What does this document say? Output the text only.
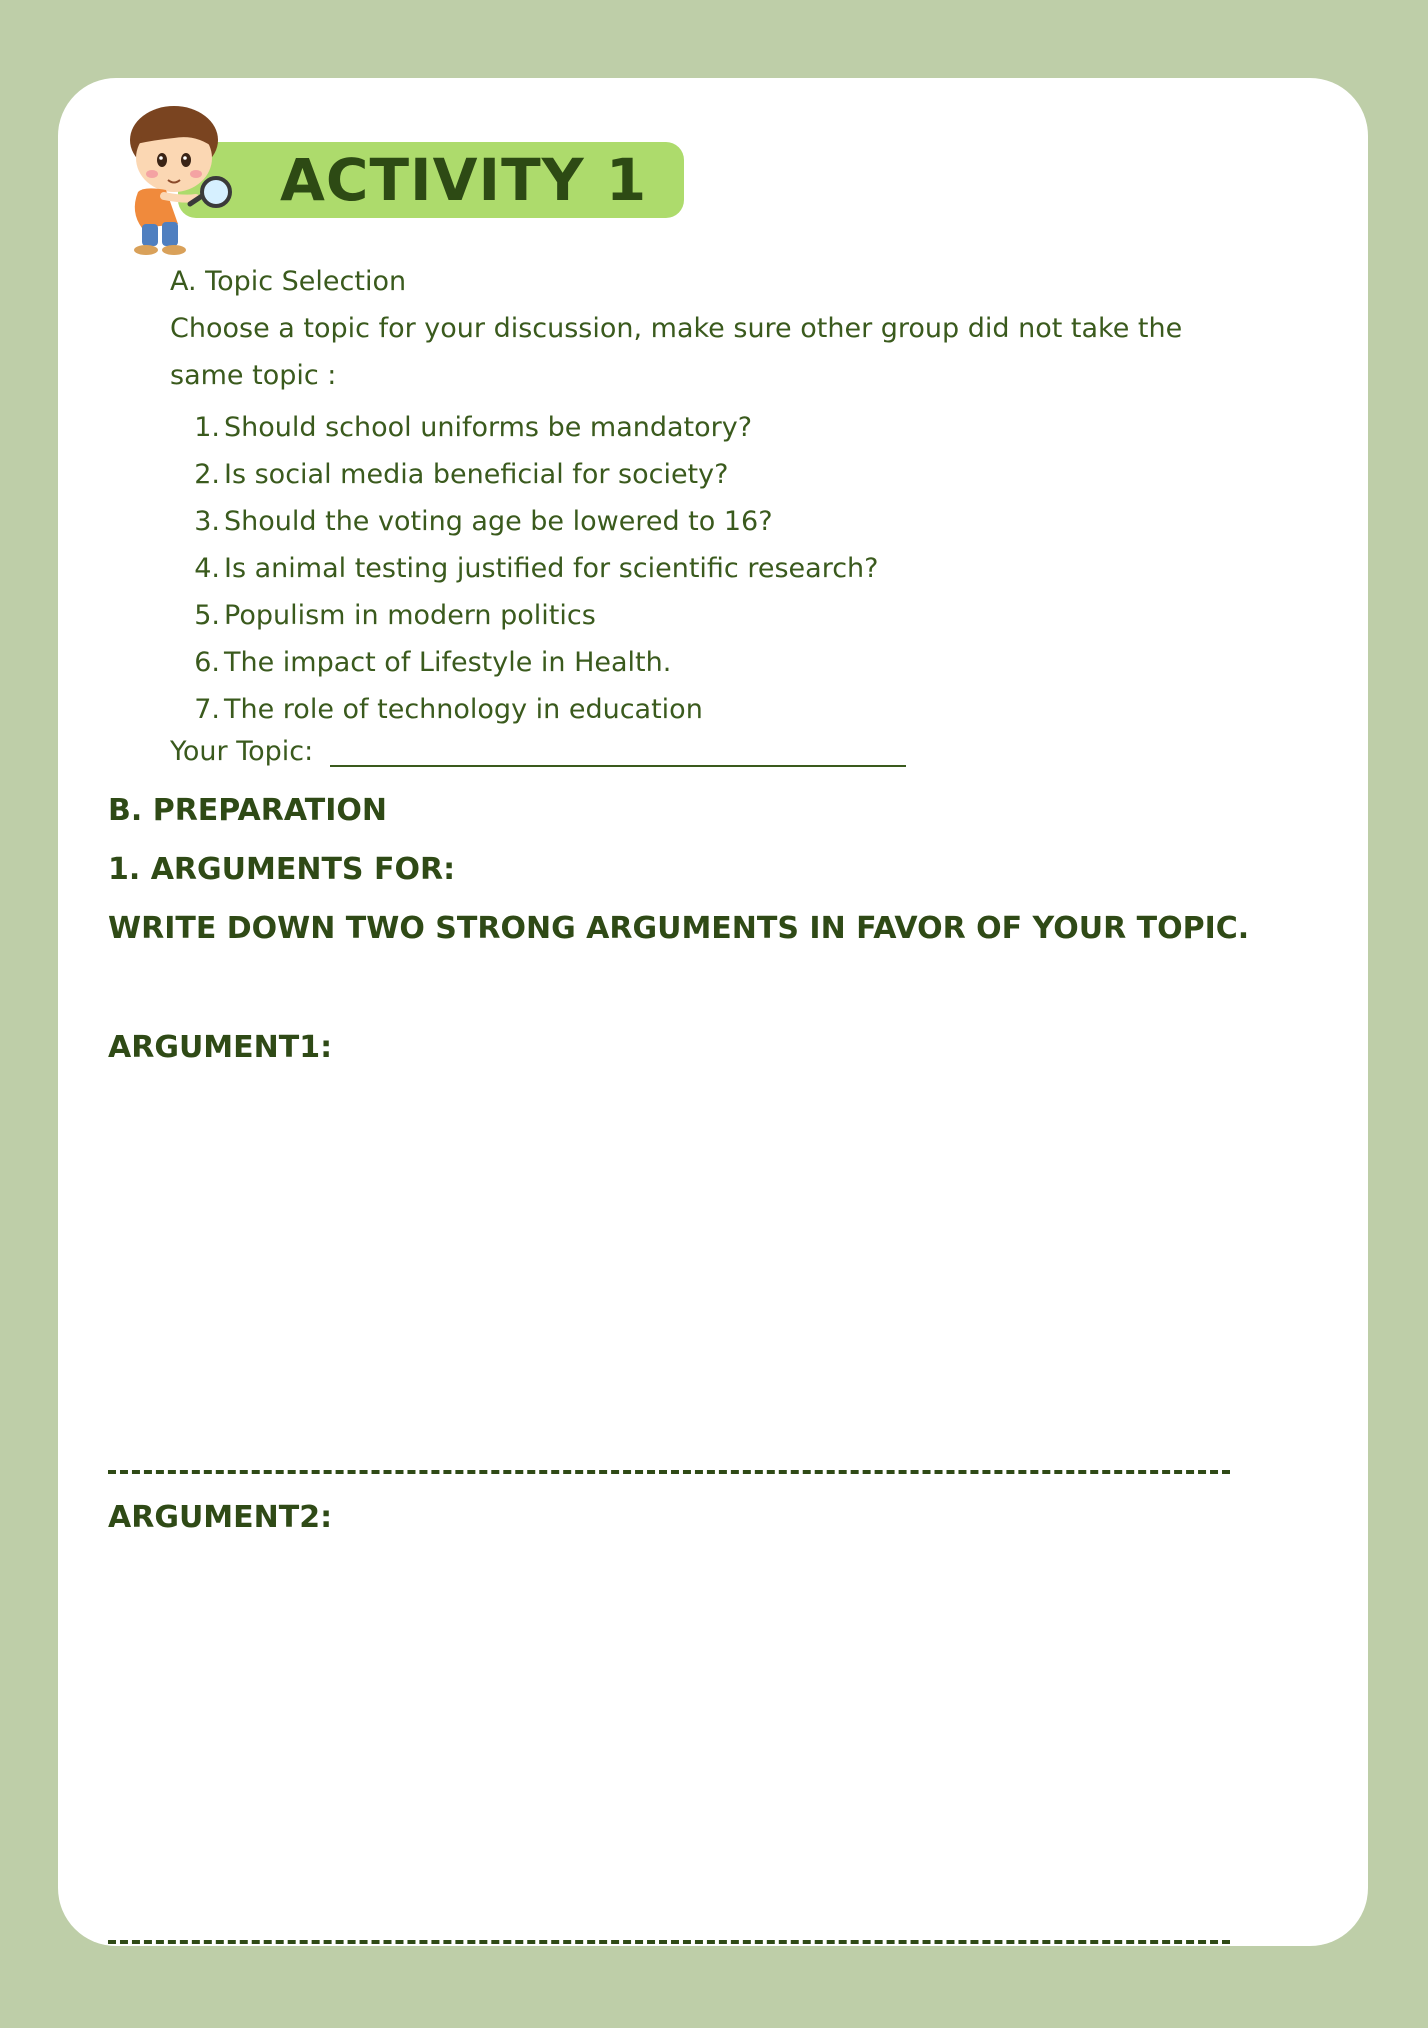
ACTIVITY 1
A. Topic Selection
Choose a topic for your discussion, make sure other group did not take the
same topic :
1. Should school uniforms be mandatory?
2. Is social media beneficial for society?
3. Should the voting age be lowered to 16?
4. Is animal testing justified for scientific research?
5. Populism in modern politics
6. The impact of Lifestyle in Health.
7. The role of technology in education
Your Topic:
B. PREPARATION
1. ARGUMENTS FOR:
WRITE DOWN TWO STRONG ARGUMENTS IN FAVOR OF YOUR TOPIC.
ARGUMENT1:
ARGUMENT2:
